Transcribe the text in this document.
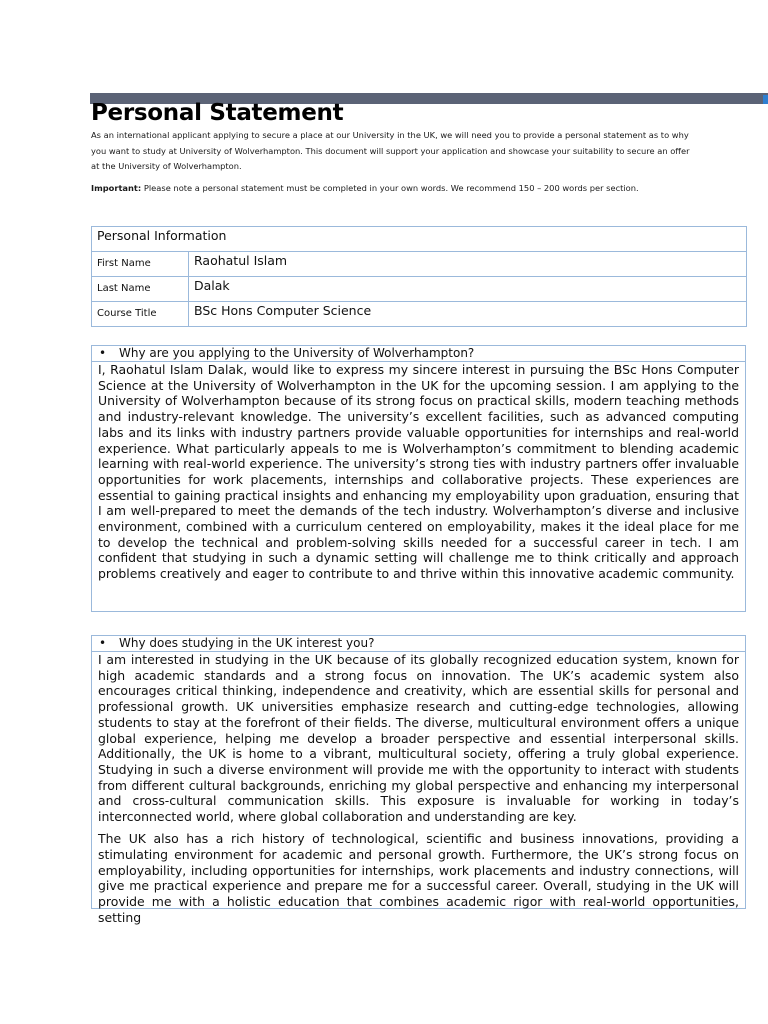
Personal Statement

As an international applicant applying to secure a place at our University in the UK, we will need you to provide a personal statement as to why you want to study at University of Wolverhampton. This document will support your application and showcase your suitability to secure an offer at the University of Wolverhampton.

Important: Please note a personal statement must be completed in your own words. We recommend 150 – 200 words per section.

Personal Information	
First Name	Raohatul Islam
Last Name	Dalak
Course Title	BSc Hons Computer Science
• Why are you applying to the University of Wolverhampton?

I, Raohatul Islam Dalak, would like to express my sincere interest in pursuing the BSc Hons Computer Science at the University of Wolverhampton in the UK for the upcoming session. I am applying to the University of Wolverhampton because of its strong focus on practical skills, modern teaching methods and industry-relevant knowledge. The university’s excellent facilities, such as advanced computing labs and its links with industry partners provide valuable opportunities for internships and real-world experience. What particularly appeals to me is Wolverhampton’s commitment to blending academic learning with real-world experience. The university’s strong ties with industry partners offer invaluable opportunities for work placements, internships and collaborative projects. These experiences are essential to gaining practical insights and enhancing my employability upon graduation, ensuring that I am well-prepared to meet the demands of the tech industry. Wolverhampton’s diverse and inclusive environment, combined with a curriculum centered on employability, makes it the ideal place for me to develop the technical and problem-solving skills needed for a successful career in tech. I am confident that studying in such a dynamic setting will challenge me to think critically and approach problems creatively and eager to contribute to and thrive within this innovative academic community.

• Why does studying in the UK interest you?

I am interested in studying in the UK because of its globally recognized education system, known for high academic standards and a strong focus on innovation. The UK’s academic system also encourages critical thinking, independence and creativity, which are essential skills for personal and professional growth. UK universities emphasize research and cutting-edge technologies, allowing students to stay at the forefront of their fields. The diverse, multicultural environment offers a unique global experience, helping me develop a broader perspective and essential interpersonal skills. Additionally, the UK is home to a vibrant, multicultural society, offering a truly global experience. Studying in such a diverse environment will provide me with the opportunity to interact with students from different cultural backgrounds, enriching my global perspective and enhancing my interpersonal and cross-cultural communication skills. This exposure is invaluable for working in today’s interconnected world, where global collaboration and understanding are key.

The UK also has a rich history of technological, scientific and business innovations, providing a stimulating environment for academic and personal growth. Furthermore, the UK’s strong focus on employability, including opportunities for internships, work placements and industry connections, will give me practical experience and prepare me for a successful career. Overall, studying in the UK will provide me with a holistic education that combines academic rigor with real-world opportunities, setting
